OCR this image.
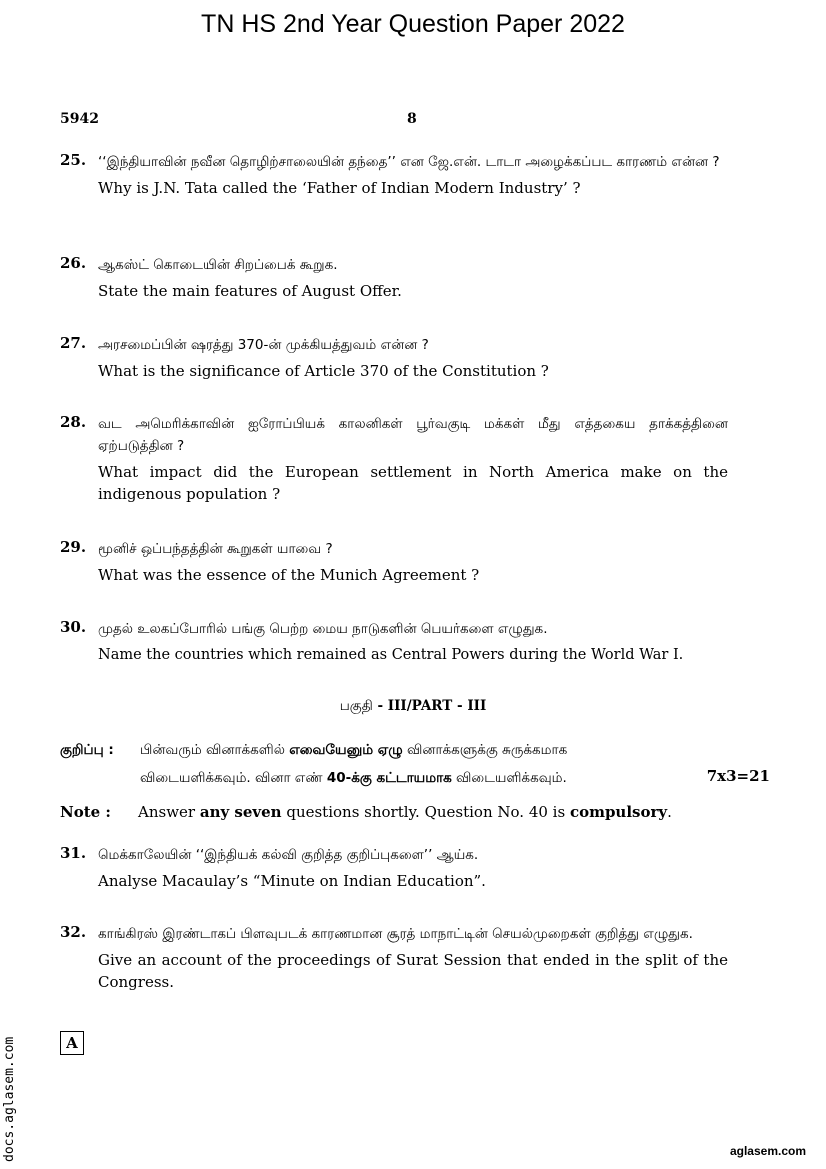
TN HS 2nd Year Question Paper 2022
5942	8
25. ‘‘இந்தியாவின் நவீன தொழிற்சாலையின் தந்தை’’ என ஜே.என். டாடா அழைக்கப்பட காரணம் என்ன ?
Why is J.N. Tata called the ‘Father of Indian Modern Industry’ ?
26. ஆகஸ்ட் கொடையின் சிறப்பைக் கூறுக.
State the main features of August Offer.
27. அரசமைப்பின் ஷரத்து 370-ன் முக்கியத்துவம் என்ன ?
What is the significance of Article 370 of the Constitution ?
28. வட அமெரிக்காவின் ஐரோப்பியக் காலனிகள் பூர்வகுடி மக்கள் மீது எத்தகைய தாக்கத்தினை ஏற்படுத்தின ?
What impact did the European settlement in North America make on the indigenous population ?
29. மூனிச் ஒப்பந்தத்தின் கூறுகள் யாவை ?
What was the essence of the Munich Agreement ?
30. முதல் உலகப்போரில் பங்கு பெற்ற மைய நாடுகளின் பெயர்களை எழுதுக.
Name the countries which remained as Central Powers during the World War I.
பகுதி - III/PART - III
குறிப்பு : பின்வரும் வினாக்களில் எவையேனும் ஏழு வினாக்களுக்கு சுருக்கமாக
விடையளிக்கவும். வினா எண் 40-க்கு கட்டாயமாக விடையளிக்கவும்.	7x3=21
Note : Answer any seven questions shortly. Question No. 40 is compulsory.
31. மெக்காலேயின் ‘‘இந்தியக் கல்வி குறித்த குறிப்புகளை’’ ஆய்க.
Analyse Macaulay’s “Minute on Indian Education”.
32. காங்கிரஸ் இரண்டாகப் பிளவுபடக் காரணமான சூரத் மாநாட்டின் செயல்முறைகள் குறித்து எழுதுக.
Give an account of the proceedings of Surat Session that ended in the split of the Congress.
A
docs.aglasem.com	aglasem.com
